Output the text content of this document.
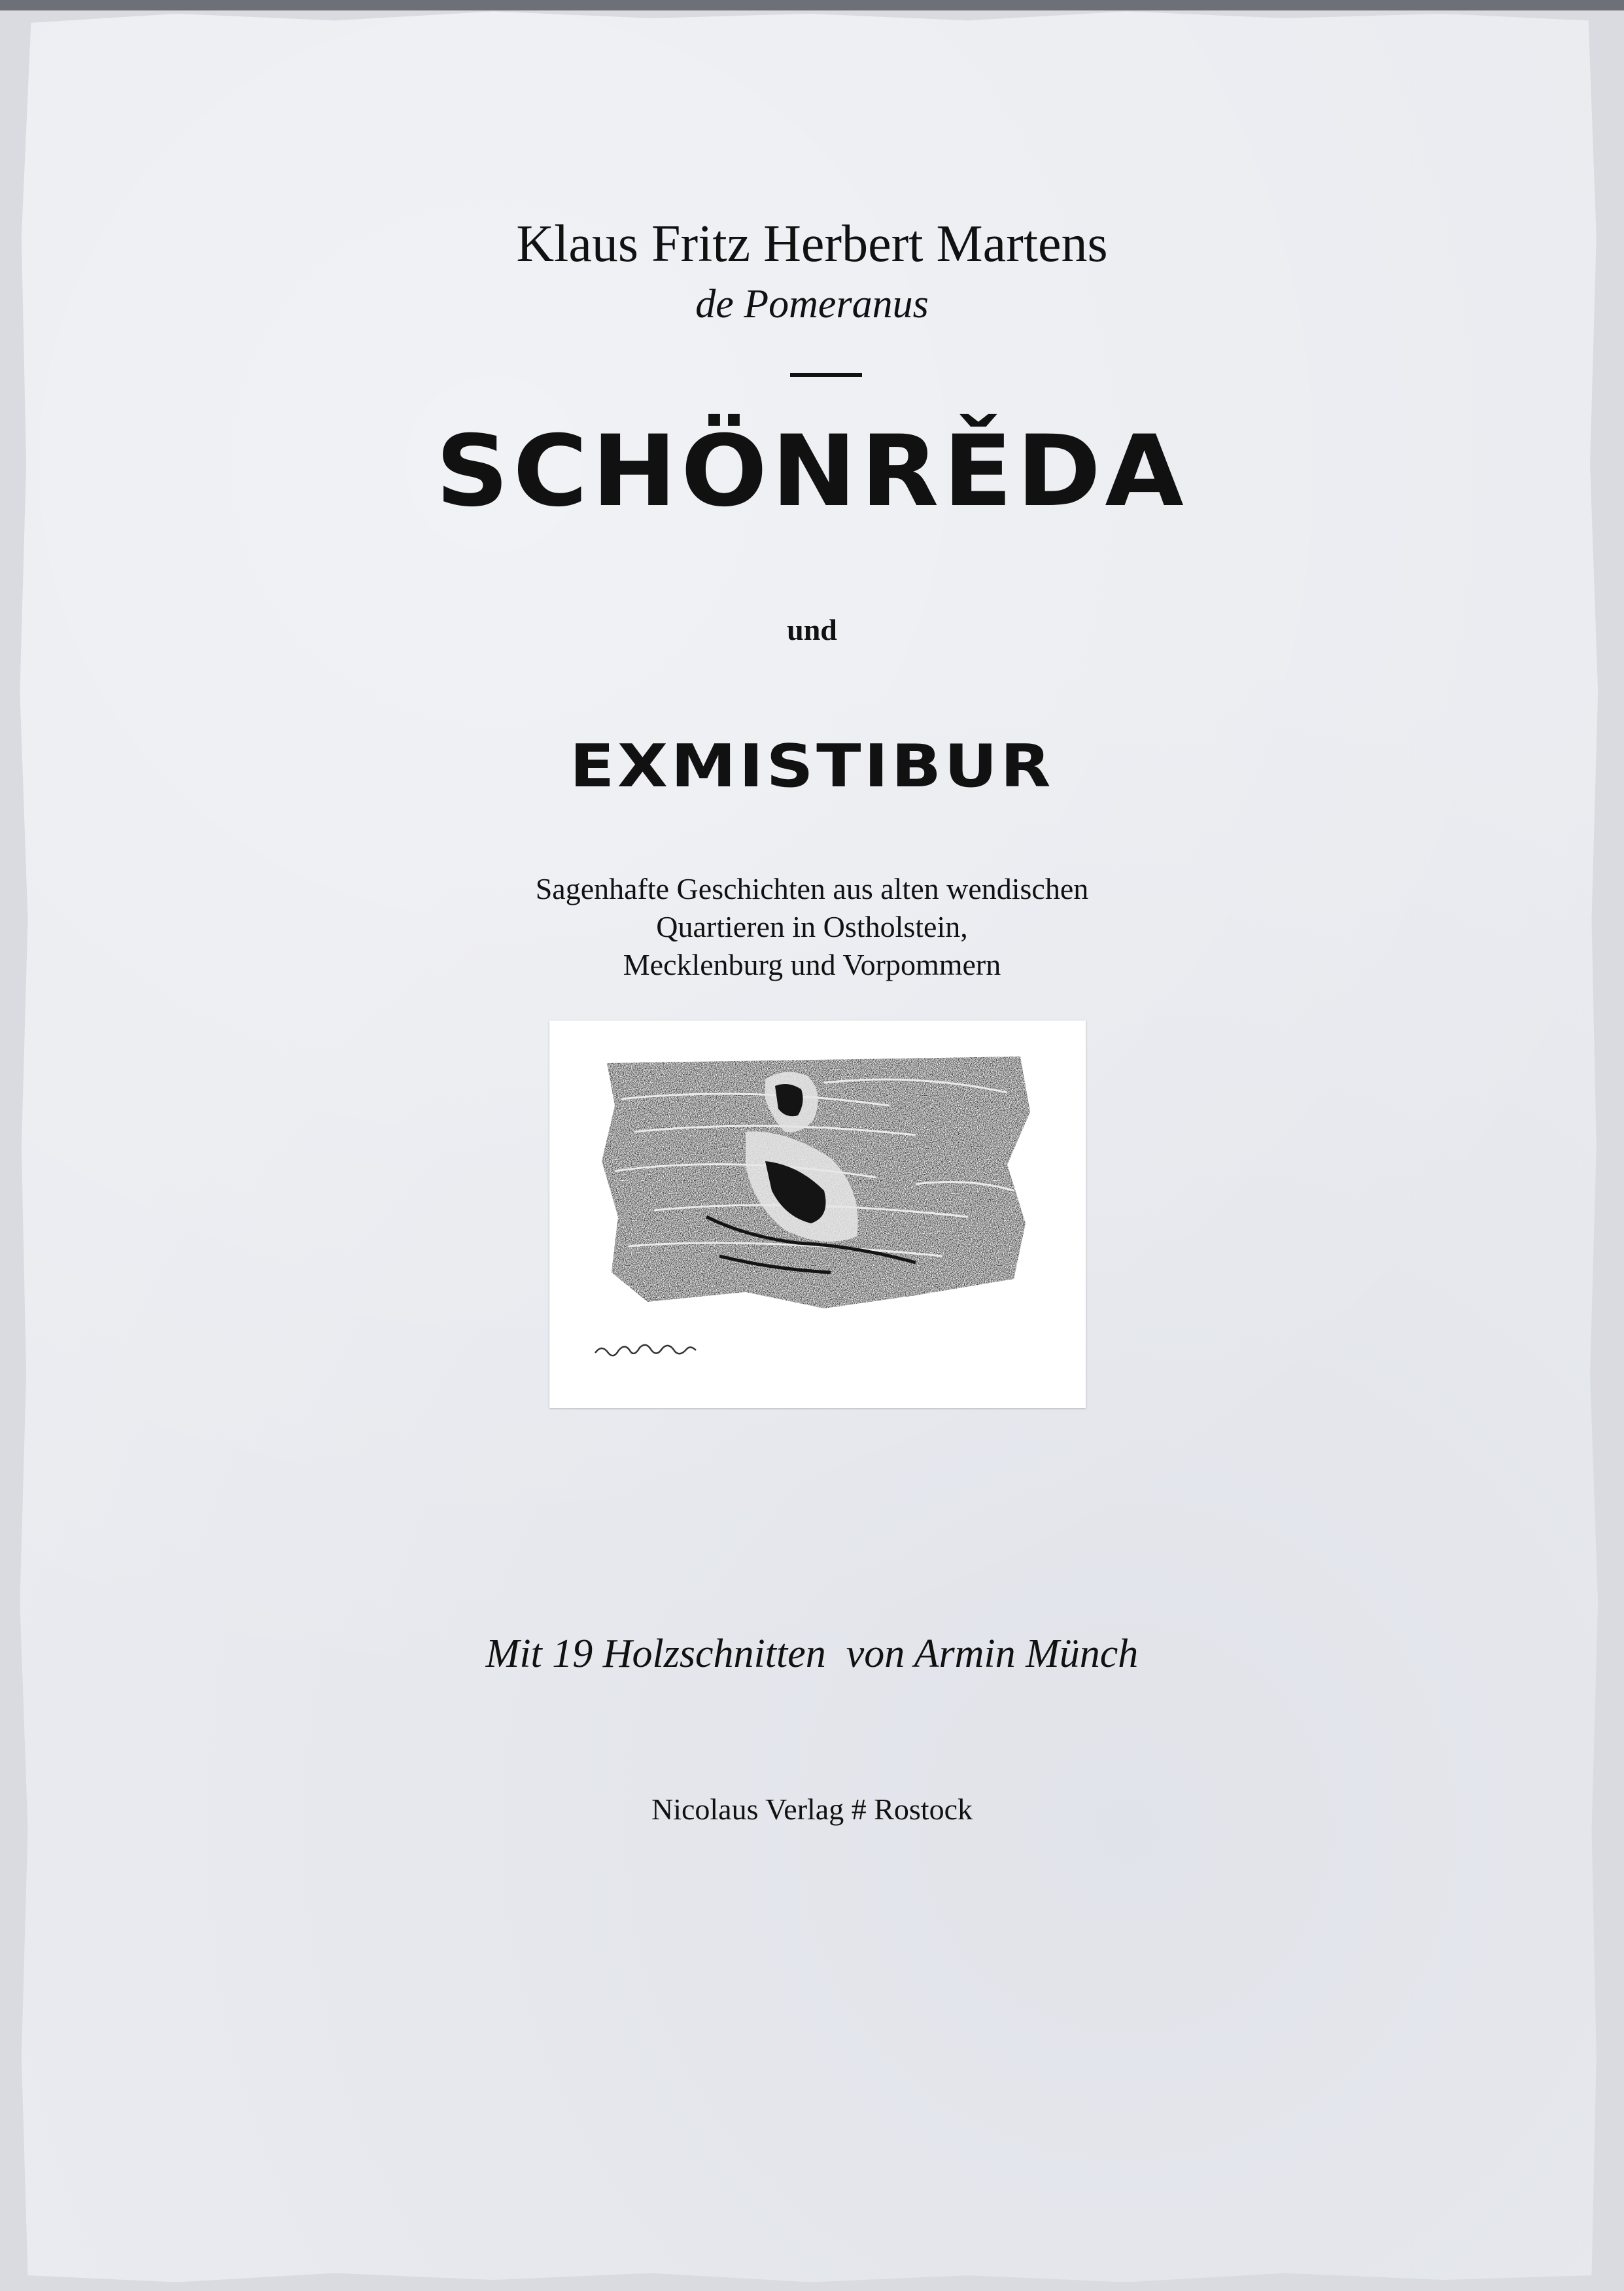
Klaus Fritz Herbert Martens
de Pomeranus
SCHÖNRĚDA
und
EXMISTIBUR
Sagenhafte Geschichten aus alten wendischen
Quartieren in Ostholstein,
Mecklenburg und Vorpommern
Mit 19 Holzschnitten  von Armin Münch
Nicolaus Verlag # Rostock
